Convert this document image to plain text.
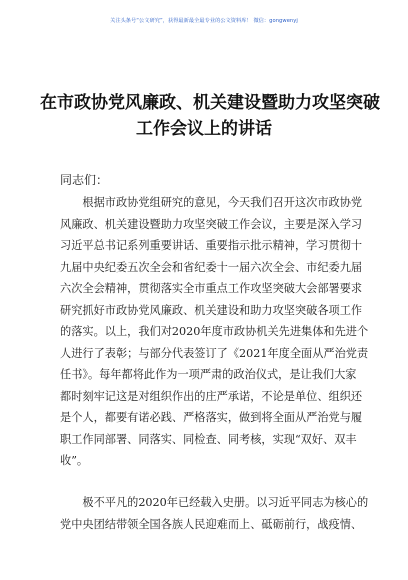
关注头条号“公文研究”，获得最新最全最专业的公文资料库！ 微信：gongwenyj
在市政协党风廉政、机关建设暨助力攻坚突破
工作会议上的讲话
同志们：
　　根据市政协党组研究的意见，今天我们召开这次市政协党
风廉政、机关建设暨助力攻坚突破工作会议，主要是深入学习
习近平总书记系列重要讲话、重要指示批示精神，学习贯彻十
九届中央纪委五次全会和省纪委十一届六次全会、市纪委九届
六次全会精神，贯彻落实全市重点工作攻坚突破大会部署要求
研究抓好市政协党风廉政、机关建设和助力攻坚突破各项工作
的落实。以上，我们对2020年度市政协机关先进集体和先进个
人进行了表彰；与部分代表签订了《2021年度全面从严治党责
任书》。每年都将此作为一项严肃的政治仪式，是让我们大家
都时刻牢记这是对组织作出的庄严承诺，不论是单位、组织还
是个人，都要有诺必践、严格落实，做到将全面从严治党与履
职工作同部署、同落实、同检查、同考核，实现“双好、双丰
收”。
　　极不平凡的2020年已经载入史册。以习近平同志为核心的
党中央团结带领全国各族人民迎难而上、砥砺前行，战疫情、
